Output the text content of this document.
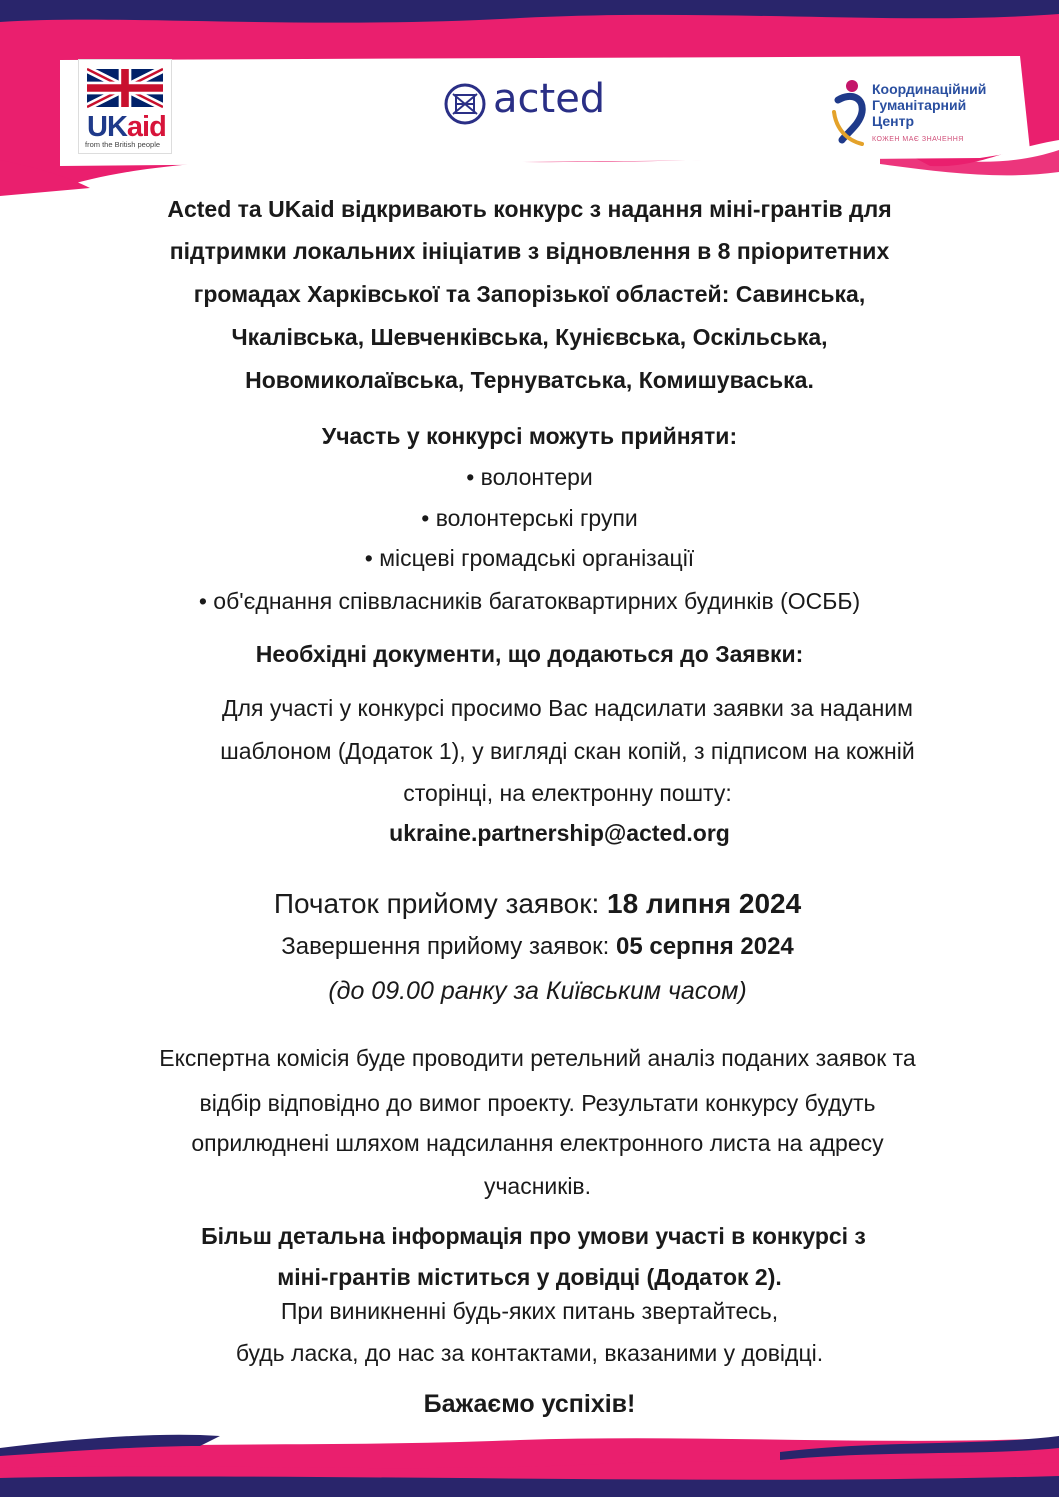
UKaid
from the British people
acted	Координаційний
Гуманітарний
Центр
КОЖЕН МАЄ ЗНАЧЕННЯ
Acted та UKaid відкривають конкурс з надання міні-грантів для
підтримки локальних ініціатив з відновлення в 8 пріоритетних
громадах Харківської та Запорізької областей: Савинська,
Чкалівська, Шевченківська, Кунієвська, Оскільська,
Новомиколаївська, Тернуватська, Комишуваська.
Участь у конкурсі можуть прийняти:
• волонтери
• волонтерські групи
• місцеві громадські організації
• об'єднання співвласників багатоквартирних будинків (ОСББ)
Необхідні документи, що додаються до Заявки:
Для участі у конкурсі просимо Вас надсилати заявки за наданим
шаблоном (Додаток 1), у вигляді скан копій, з підписом на кожній
сторінці, на електронну пошту:
ukraine.partnership@acted.org
Початок прийому заявок: 18 липня 2024
Завершення прийому заявок: 05 серпня 2024
(до 09.00 ранку за Київським часом)
Експертна комісія буде проводити ретельний аналіз поданих заявок та
відбір відповідно до вимог проекту. Результати конкурсу будуть
оприлюднені шляхом надсилання електронного листа на адресу
учасників.
Більш детальна інформація про умови участі в конкурсі з
міні-грантів міститься у довідці (Додаток 2).
При виникненні будь-яких питань звертайтесь,
будь ласка, до нас за контактами, вказаними у довідці.
Бажаємо успіхів!
